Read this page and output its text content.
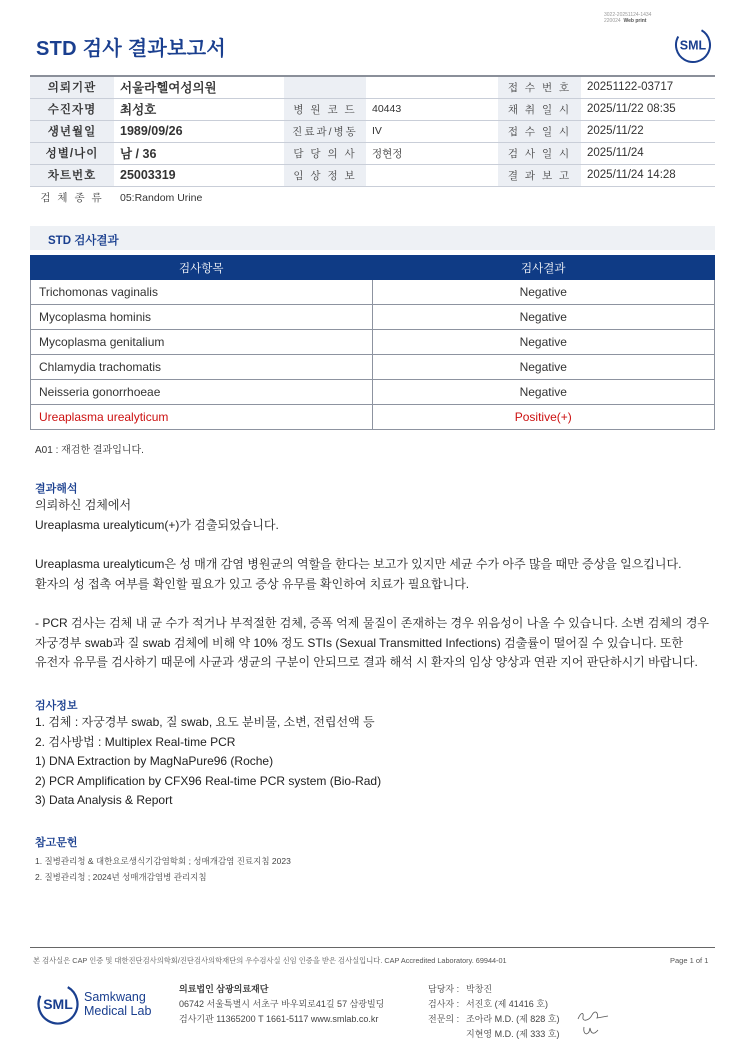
3022-20251124-1434
220024 Web print
STD 검사 결과보고서	SML
의뢰기관	서울라헬여성의원			접 수 번 호	20251122-03717
수진자명	최성호	병 원 코 드	40443	채 취 일 시	2025/11/22 08:35
생년월일	1989/09/26	진료과/병동	IV	접 수 일 시	2025/11/22
성별/나이	남 / 36	담 당 의 사	정현정	검 사 일 시	2025/11/24
차트번호	25003319	임 상 정 보		결 과 보 고	2025/11/24 14:28
검 체 종 류	05:Random Urine				
STD 검사결과
검사항목	검사결과
Trichomonas vaginalis	Negative
Mycoplasma hominis	Negative
Mycoplasma genitalium	Negative
Chlamydia trachomatis	Negative
Neisseria gonorrhoeae	Negative
Ureaplasma urealyticum	Positive(+)
A01 : 재검한 결과입니다.
결과해석
의뢰하신 검체에서
Ureaplasma urealyticum(+)가 검출되었습니다.
Ureaplasma urealyticum은 성 매개 감염 병원균의 역할을 한다는 보고가 있지만 세균 수가 아주 많을 때만 증상을 일으킵니다.
환자의 성 접촉 여부를 확인할 필요가 있고 증상 유무를 확인하여 치료가 필요합니다.
- PCR 검사는 검체 내 균 수가 적거나 부적절한 검체, 증폭 억제 물질이 존재하는 경우 위음성이 나올 수 있습니다. 소변 검체의 경우
자궁경부 swab과 질 swab 검체에 비해 약 10% 정도 STIs (Sexual Transmitted Infections) 검출률이 떨어질 수 있습니다. 또한
유전자 유무를 검사하기 때문에 사균과 생균의 구분이 안되므로 결과 해석 시 환자의 임상 양상과 연관 지어 판단하시기 바랍니다.
검사정보
1. 검체 : 자궁경부 swab, 질 swab, 요도 분비물, 소변, 전립선액 등
2. 검사방법 : Multiplex Real-time PCR
1) DNA Extraction by MagNaPure96 (Roche)
2) PCR Amplification by CFX96 Real-time PCR system (Bio-Rad)
3) Data Analysis & Report
참고문헌
1. 질병관리청 & 대한요로생식기감염학회 ; 성매개감염 진료지침 2023
2. 질병관리청 ; 2024년 성매개감염병 관리지침
본 검사실은 CAP 인증 및 대한진단검사의학회/진단검사의학재단의 우수검사실 신임 인증을 받은 검사실입니다. CAP Accredited Laboratory. 69944-01	Page 1 of 1
SML Samkwang
Medical Lab
의료법인 삼광의료재단
06742 서울특별시 서초구 바우뫼로41길 57 삼광빌딩
검사기관 11365200 T 1661-5117 www.smlab.co.kr
담당자 : 박창진
검사자 : 서진호 (제 41416 호)
전문의 : 조아라 M.D. (제 828 호)
지현영 M.D. (제 333 호)
